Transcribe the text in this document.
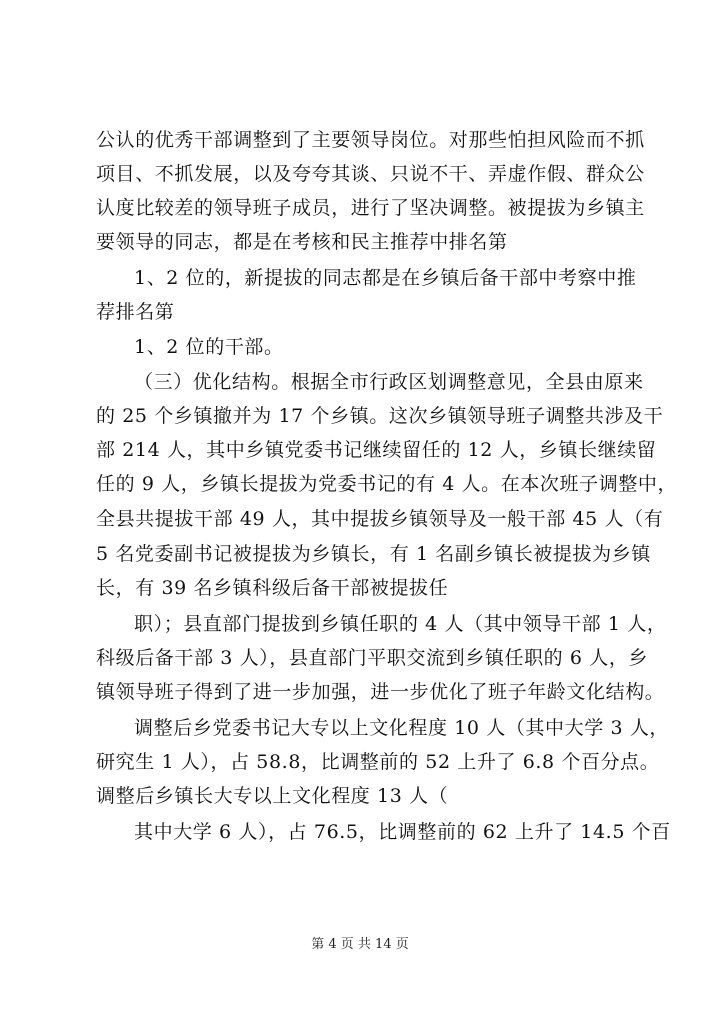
公认的优秀干部调整到了主要领导岗位。对那些怕担风险而不抓
项目、不抓发展，以及夸夸其谈、只说不干、弄虚作假、群众公
认度比较差的领导班子成员，进行了坚决调整。被提拔为乡镇主
要领导的同志，都是在考核和民主推荐中排名第
1、2 位的，新提拔的同志都是在乡镇后备干部中考察中推
荐排名第
1、2 位的干部。
（三）优化结构。根据全市行政区划调整意见，全县由原来
的 25 个乡镇撤并为 17 个乡镇。这次乡镇领导班子调整共涉及干
部 214 人，其中乡镇党委书记继续留任的 12 人，乡镇长继续留
任的 9 人，乡镇长提拔为党委书记的有 4 人。在本次班子调整中，
全县共提拔干部 49 人，其中提拔乡镇领导及一般干部 45 人（有
5 名党委副书记被提拔为乡镇长，有 1 名副乡镇长被提拔为乡镇
长，有 39 名乡镇科级后备干部被提拔任
职）；县直部门提拔到乡镇任职的 4 人（其中领导干部 1 人，
科级后备干部 3 人），县直部门平职交流到乡镇任职的 6 人，乡
镇领导班子得到了进一步加强，进一步优化了班子年龄文化结构。
调整后乡党委书记大专以上文化程度 10 人（其中大学 3 人，
研究生 1 人），占 58.8，比调整前的 52 上升了 6.8 个百分点。
调整后乡镇长大专以上文化程度 13 人（
其中大学 6 人），占 76.5，比调整前的 62 上升了 14.5 个百
第 4 页 共 14 页
